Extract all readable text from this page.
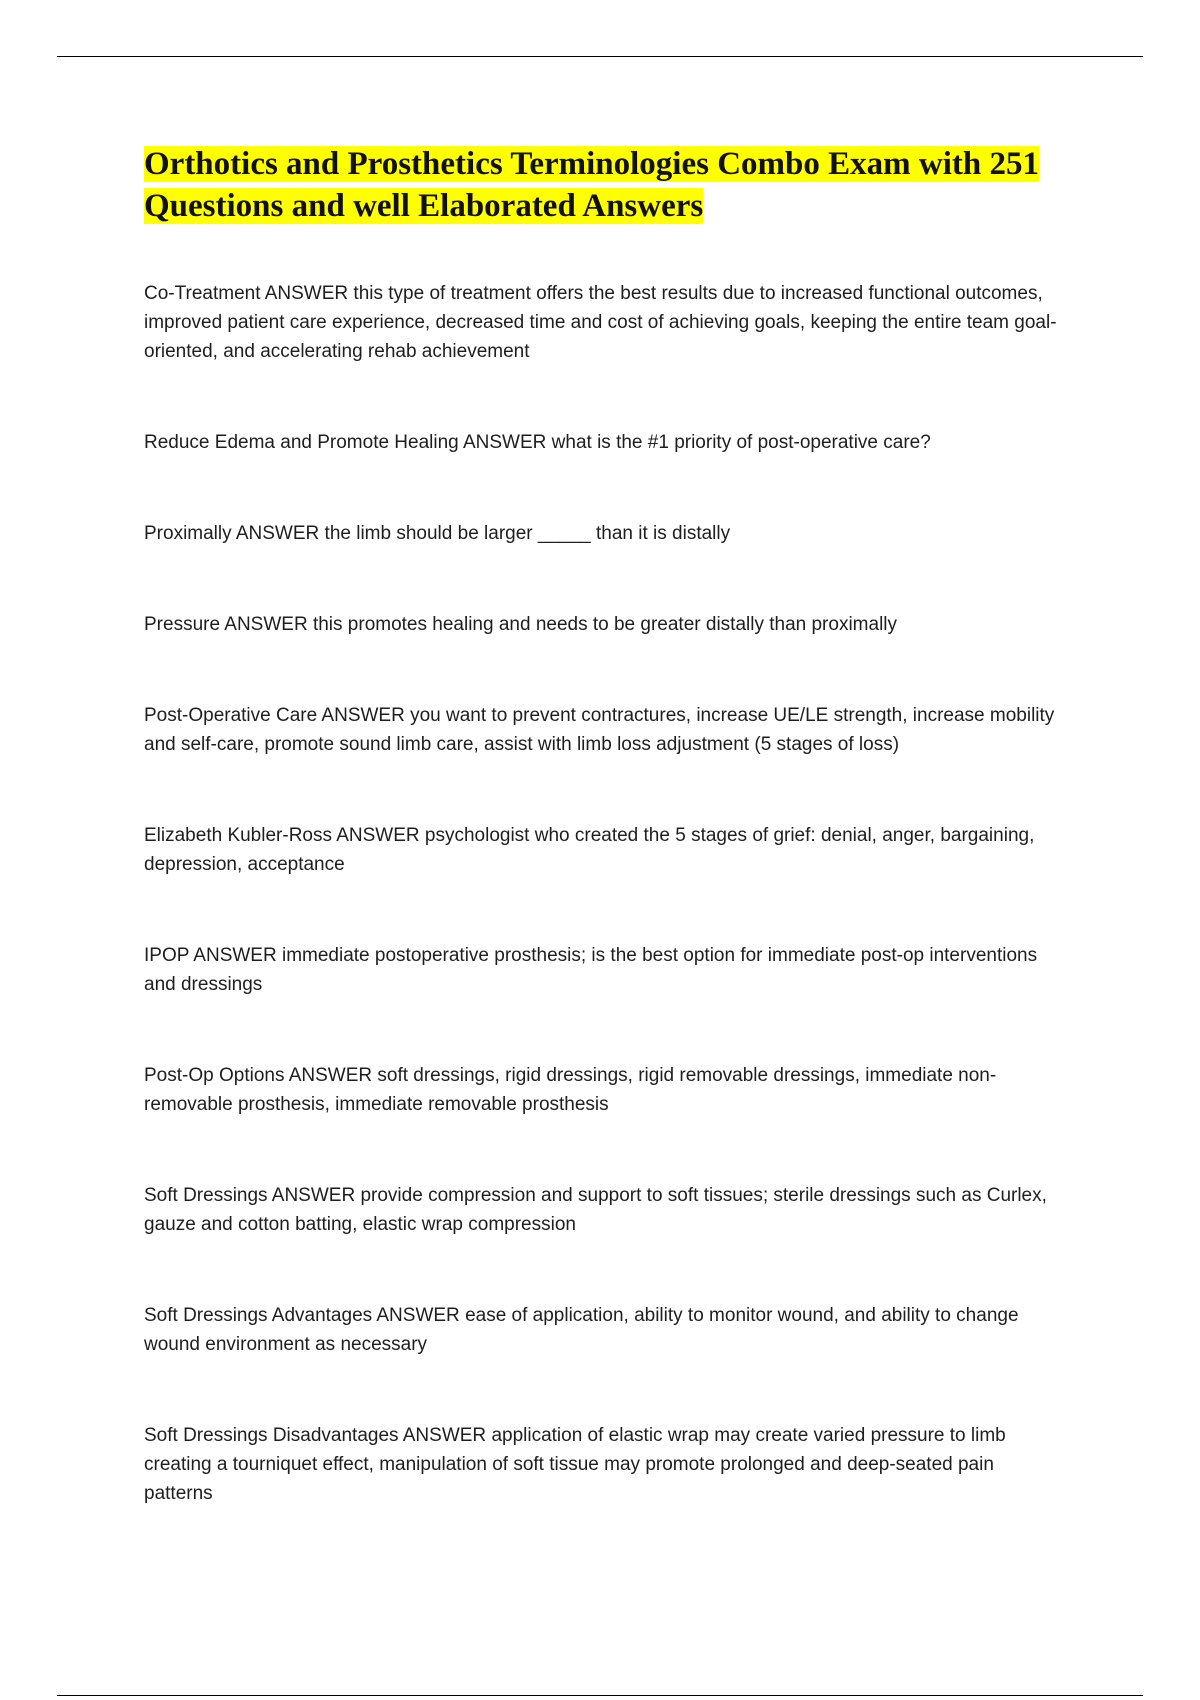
Orthotics and Prosthetics Terminologies Combo Exam with 251 Questions and well Elaborated Answers

Co-Treatment ANSWER this type of treatment offers the best results due to increased functional outcomes, improved patient care experience, decreased time and cost of achieving goals, keeping the entire team goal-oriented, and accelerating rehab achievement

Reduce Edema and Promote Healing ANSWER what is the #1 priority of post-operative care?

Proximally ANSWER the limb should be larger _____ than it is distally

Pressure ANSWER this promotes healing and needs to be greater distally than proximally

Post-Operative Care ANSWER you want to prevent contractures, increase UE/LE strength, increase mobility and self-care, promote sound limb care, assist with limb loss adjustment (5 stages of loss)

Elizabeth Kubler-Ross ANSWER psychologist who created the 5 stages of grief: denial, anger, bargaining, depression, acceptance

IPOP ANSWER immediate postoperative prosthesis; is the best option for immediate post-op interventions and dressings

Post-Op Options ANSWER soft dressings, rigid dressings, rigid removable dressings, immediate non-removable prosthesis, immediate removable prosthesis

Soft Dressings ANSWER provide compression and support to soft tissues; sterile dressings such as Curlex, gauze and cotton batting, elastic wrap compression

Soft Dressings Advantages ANSWER ease of application, ability to monitor wound, and ability to change wound environment as necessary

Soft Dressings Disadvantages ANSWER application of elastic wrap may create varied pressure to limb creating a tourniquet effect, manipulation of soft tissue may promote prolonged and deep-seated pain patterns
